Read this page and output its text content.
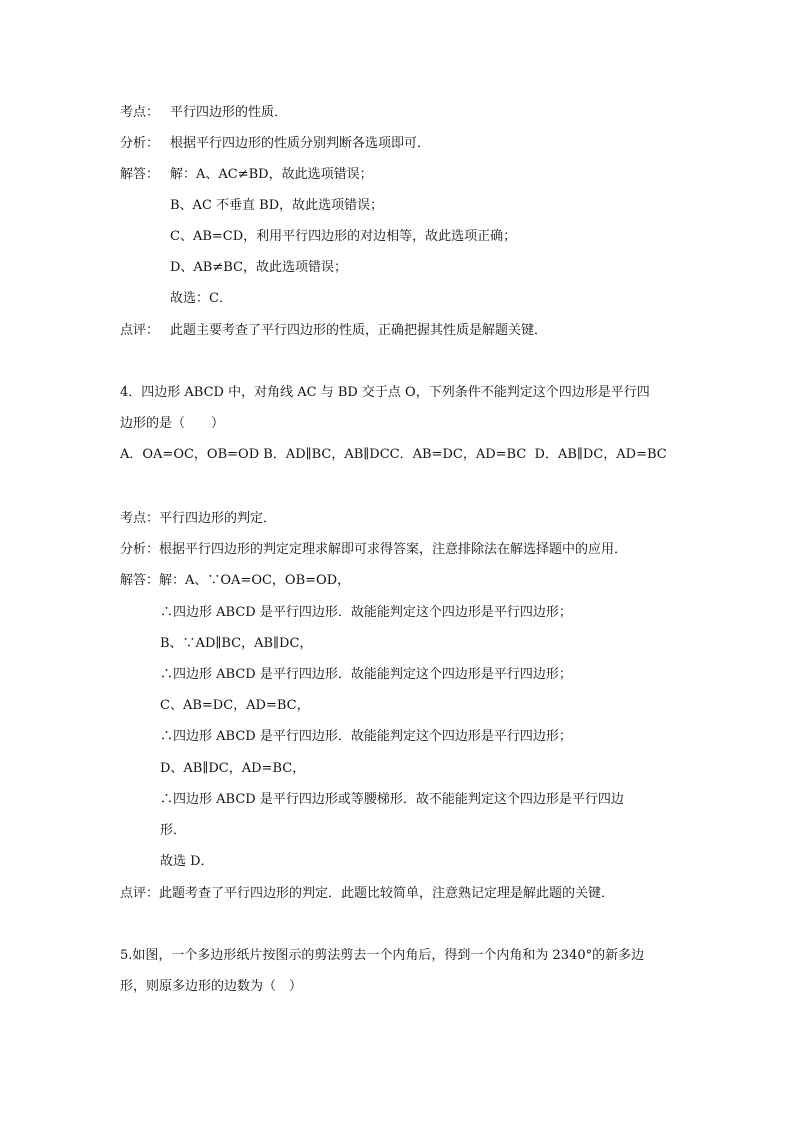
考点： 平行四边形的性质．
分析： 根据平行四边形的性质分别判断各选项即可．
解答： 解：A、AC≠BD，故此选项错误；
B、AC 不垂直 BD，故此选项错误；
C、AB=CD，利用平行四边形的对边相等，故此选项正确；
D、AB≠BC，故此选项错误；
故选：C．
点评： 此题主要考查了平行四边形的性质，正确把握其性质是解题关键．
4．四边形 ABCD 中，对角线 AC 与 BD 交于点 O，下列条件不能判定这个四边形是平行四
边形的是（　　）
A．OA=OC，OB=OD B．AD∥BC，AB∥DCC．AB=DC，AD=BC  D．AB∥DC，AD=BC
考点：平行四边形的判定．
分析：根据平行四边形的判定定理求解即可求得答案，注意排除法在解选择题中的应用．
解答：解：A、∵OA=OC，OB=OD，
∴四边形 ABCD 是平行四边形．故能能判定这个四边形是平行四边形；
B、∵AD∥BC，AB∥DC，
∴四边形 ABCD 是平行四边形．故能能判定这个四边形是平行四边形；
C、AB=DC，AD=BC，
∴四边形 ABCD 是平行四边形．故能能判定这个四边形是平行四边形；
D、AB∥DC，AD=BC，
∴四边形 ABCD 是平行四边形或等腰梯形．故不能能判定这个四边形是平行四边
形．
故选 D．
点评：此题考查了平行四边形的判定．此题比较简单，注意熟记定理是解此题的关键．
5.如图，一个多边形纸片按图示的剪法剪去一个内角后，得到一个内角和为 2340°的新多边
形，则原多边形的边数为（　）
